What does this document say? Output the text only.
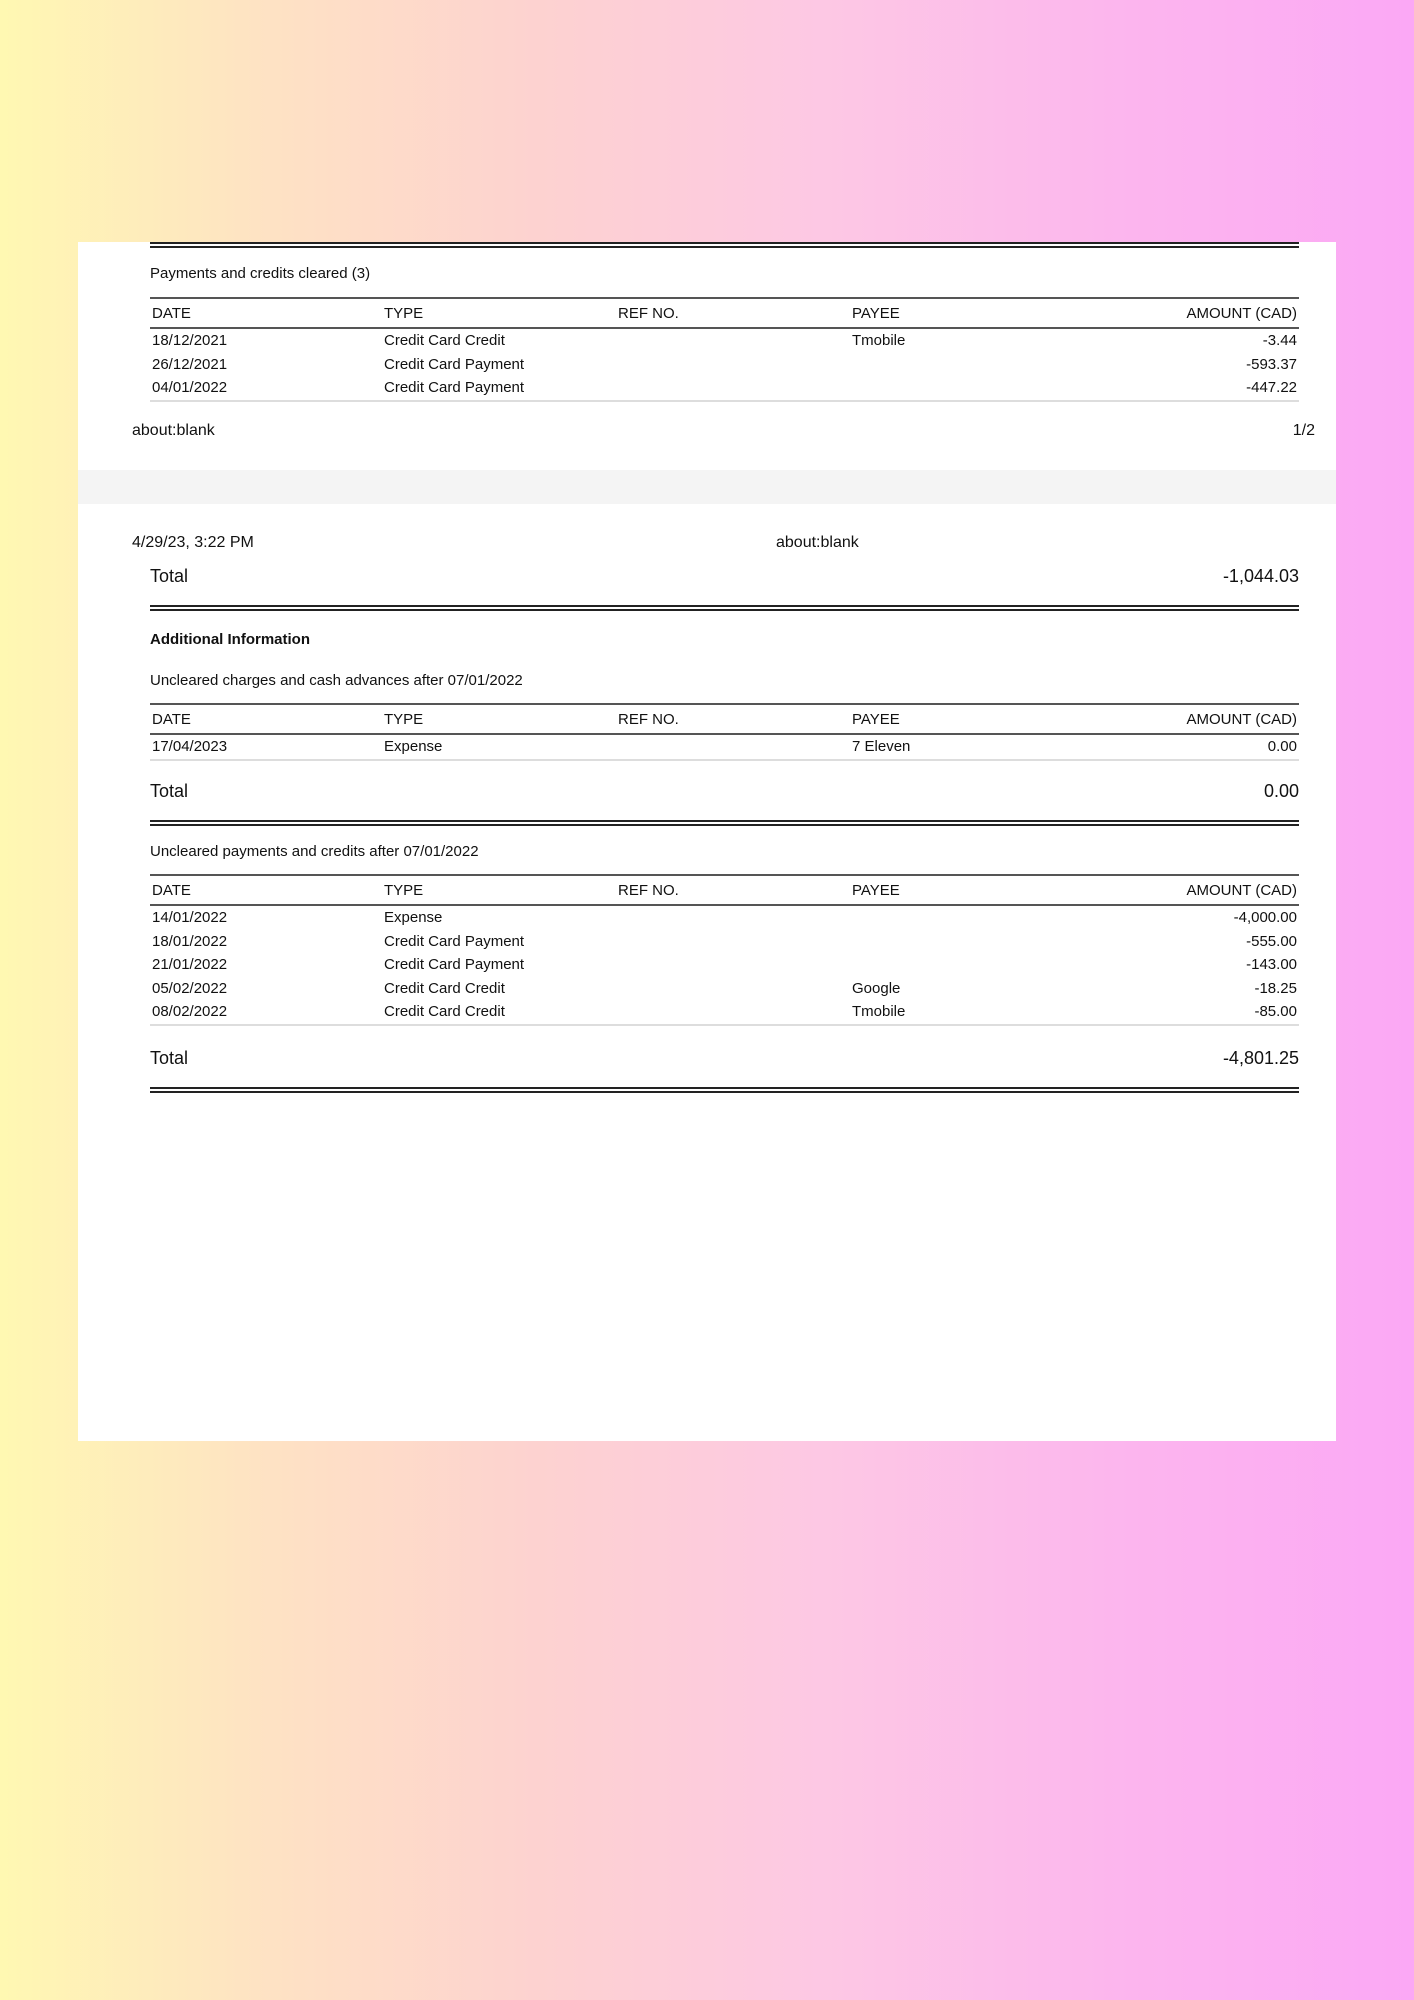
Payments and credits cleared (3)
DATE	TYPE	REF NO.	PAYEE	AMOUNT (CAD)
18/12/2021	Credit Card Credit		Tmobile	-3.44
26/12/2021	Credit Card Payment			-593.37
04/01/2022	Credit Card Payment			-447.22
about:blank	1/2
4/29/23, 3:22 PM	about:blank
Total	-1,044.03
Additional Information
Uncleared charges and cash advances after 07/01/2022
DATE	TYPE	REF NO.	PAYEE	AMOUNT (CAD)
17/04/2023	Expense		7 Eleven	0.00
Total	0.00
Uncleared payments and credits after 07/01/2022
DATE	TYPE	REF NO.	PAYEE	AMOUNT (CAD)
14/01/2022	Expense			-4,000.00
18/01/2022	Credit Card Payment			-555.00
21/01/2022	Credit Card Payment			-143.00
05/02/2022	Credit Card Credit		Google	-18.25
08/02/2022	Credit Card Credit		Tmobile	-85.00
Total	-4,801.25
